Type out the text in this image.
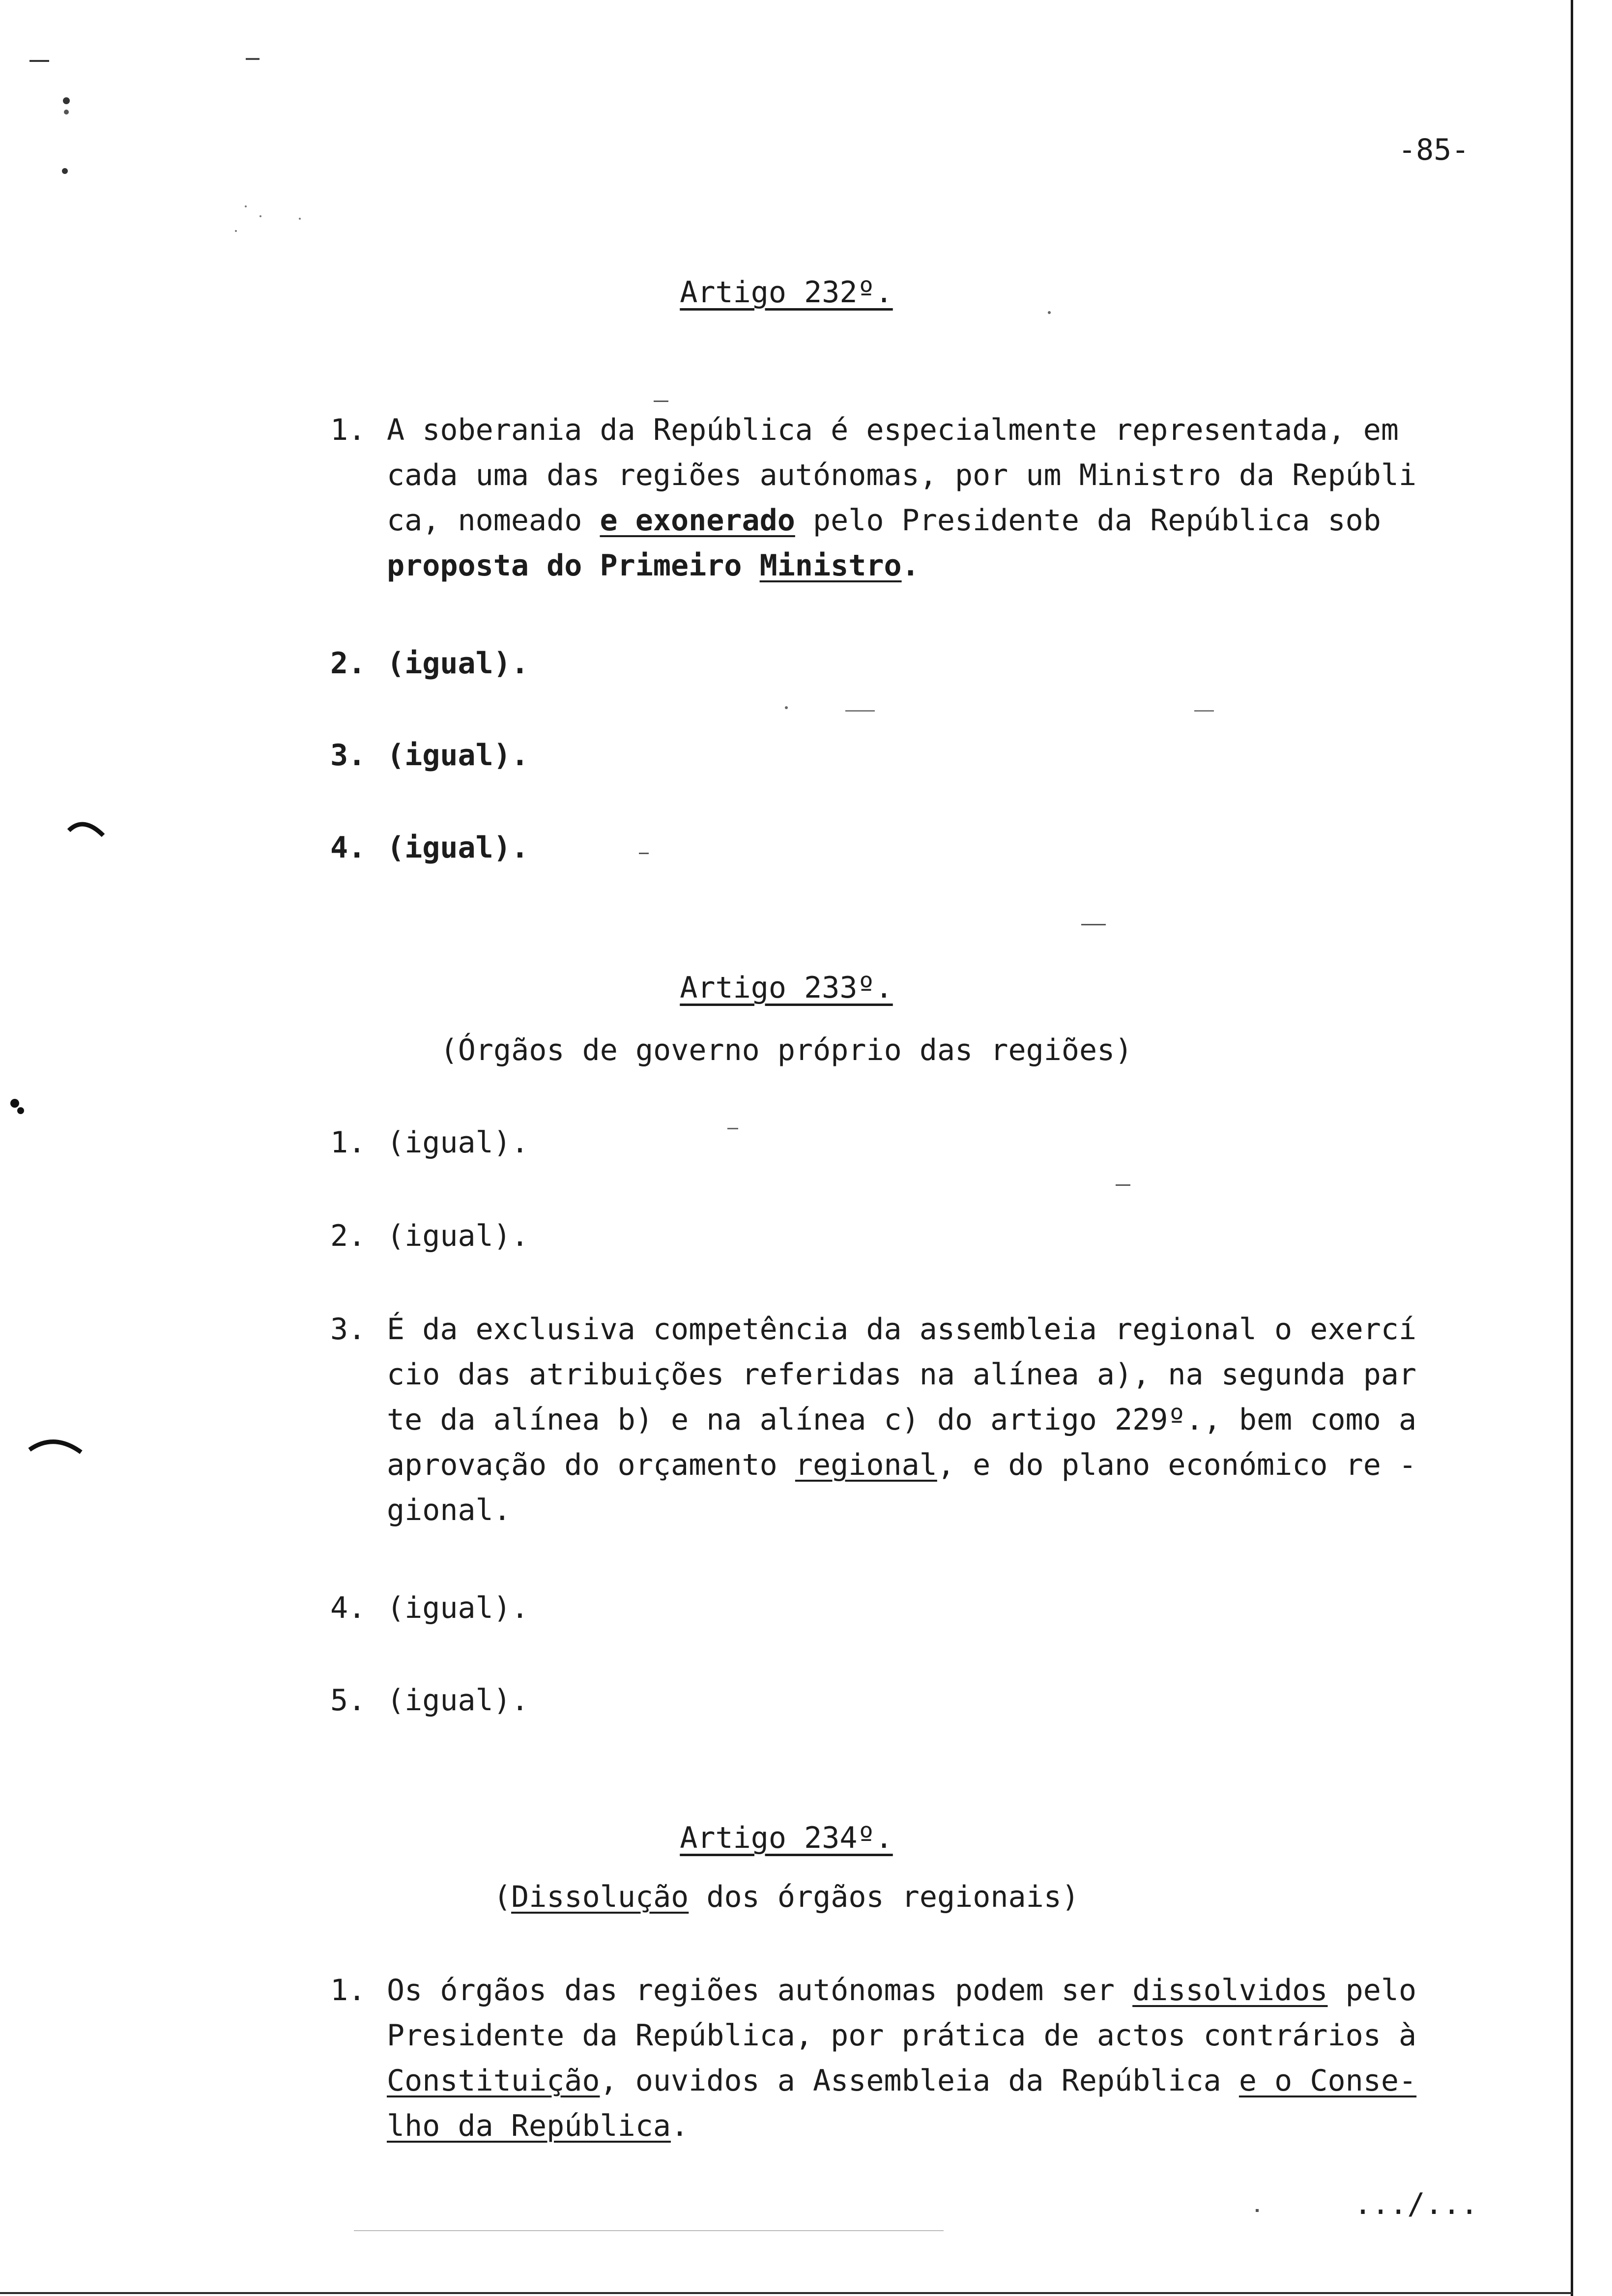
-85-
Artigo 232º.
1. A soberania da República é especialmente representada, em
cada uma das regiões autónomas, por um Ministro da Repúbli
ca, nomeado e exonerado pelo Presidente da República sob
proposta do Primeiro Ministro.
2. (igual).
3. (igual).
4. (igual).
Artigo 233º.
(Órgãos de governo próprio das regiões)
1. (igual).
2. (igual).
3. É da exclusiva competência da assembleia regional o exercí
cio das atribuições referidas na alínea a), na segunda par
te da alínea b) e na alínea c) do artigo 229º., bem como a
aprovação do orçamento regional, e do plano económico re -
gional.
4. (igual).
5. (igual).
Artigo 234º.
(Dissolução dos órgãos regionais)
1. Os órgãos das regiões autónomas podem ser dissolvidos pelo
Presidente da República, por prática de actos contrários à
Constituição, ouvidos a Assembleia da República e o Conse-
lho da República.
.../...
